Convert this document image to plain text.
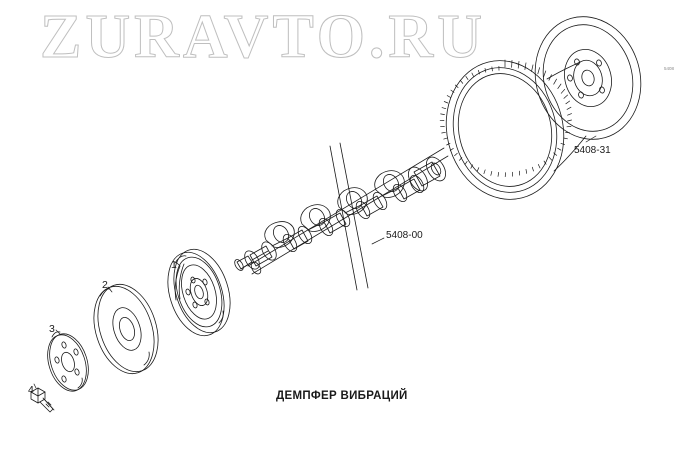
ZURAVTO.RU
5408-31
5408-00
1
2
3
4	ДЕМПФЕР ВИБРАЦИЙ
5408
